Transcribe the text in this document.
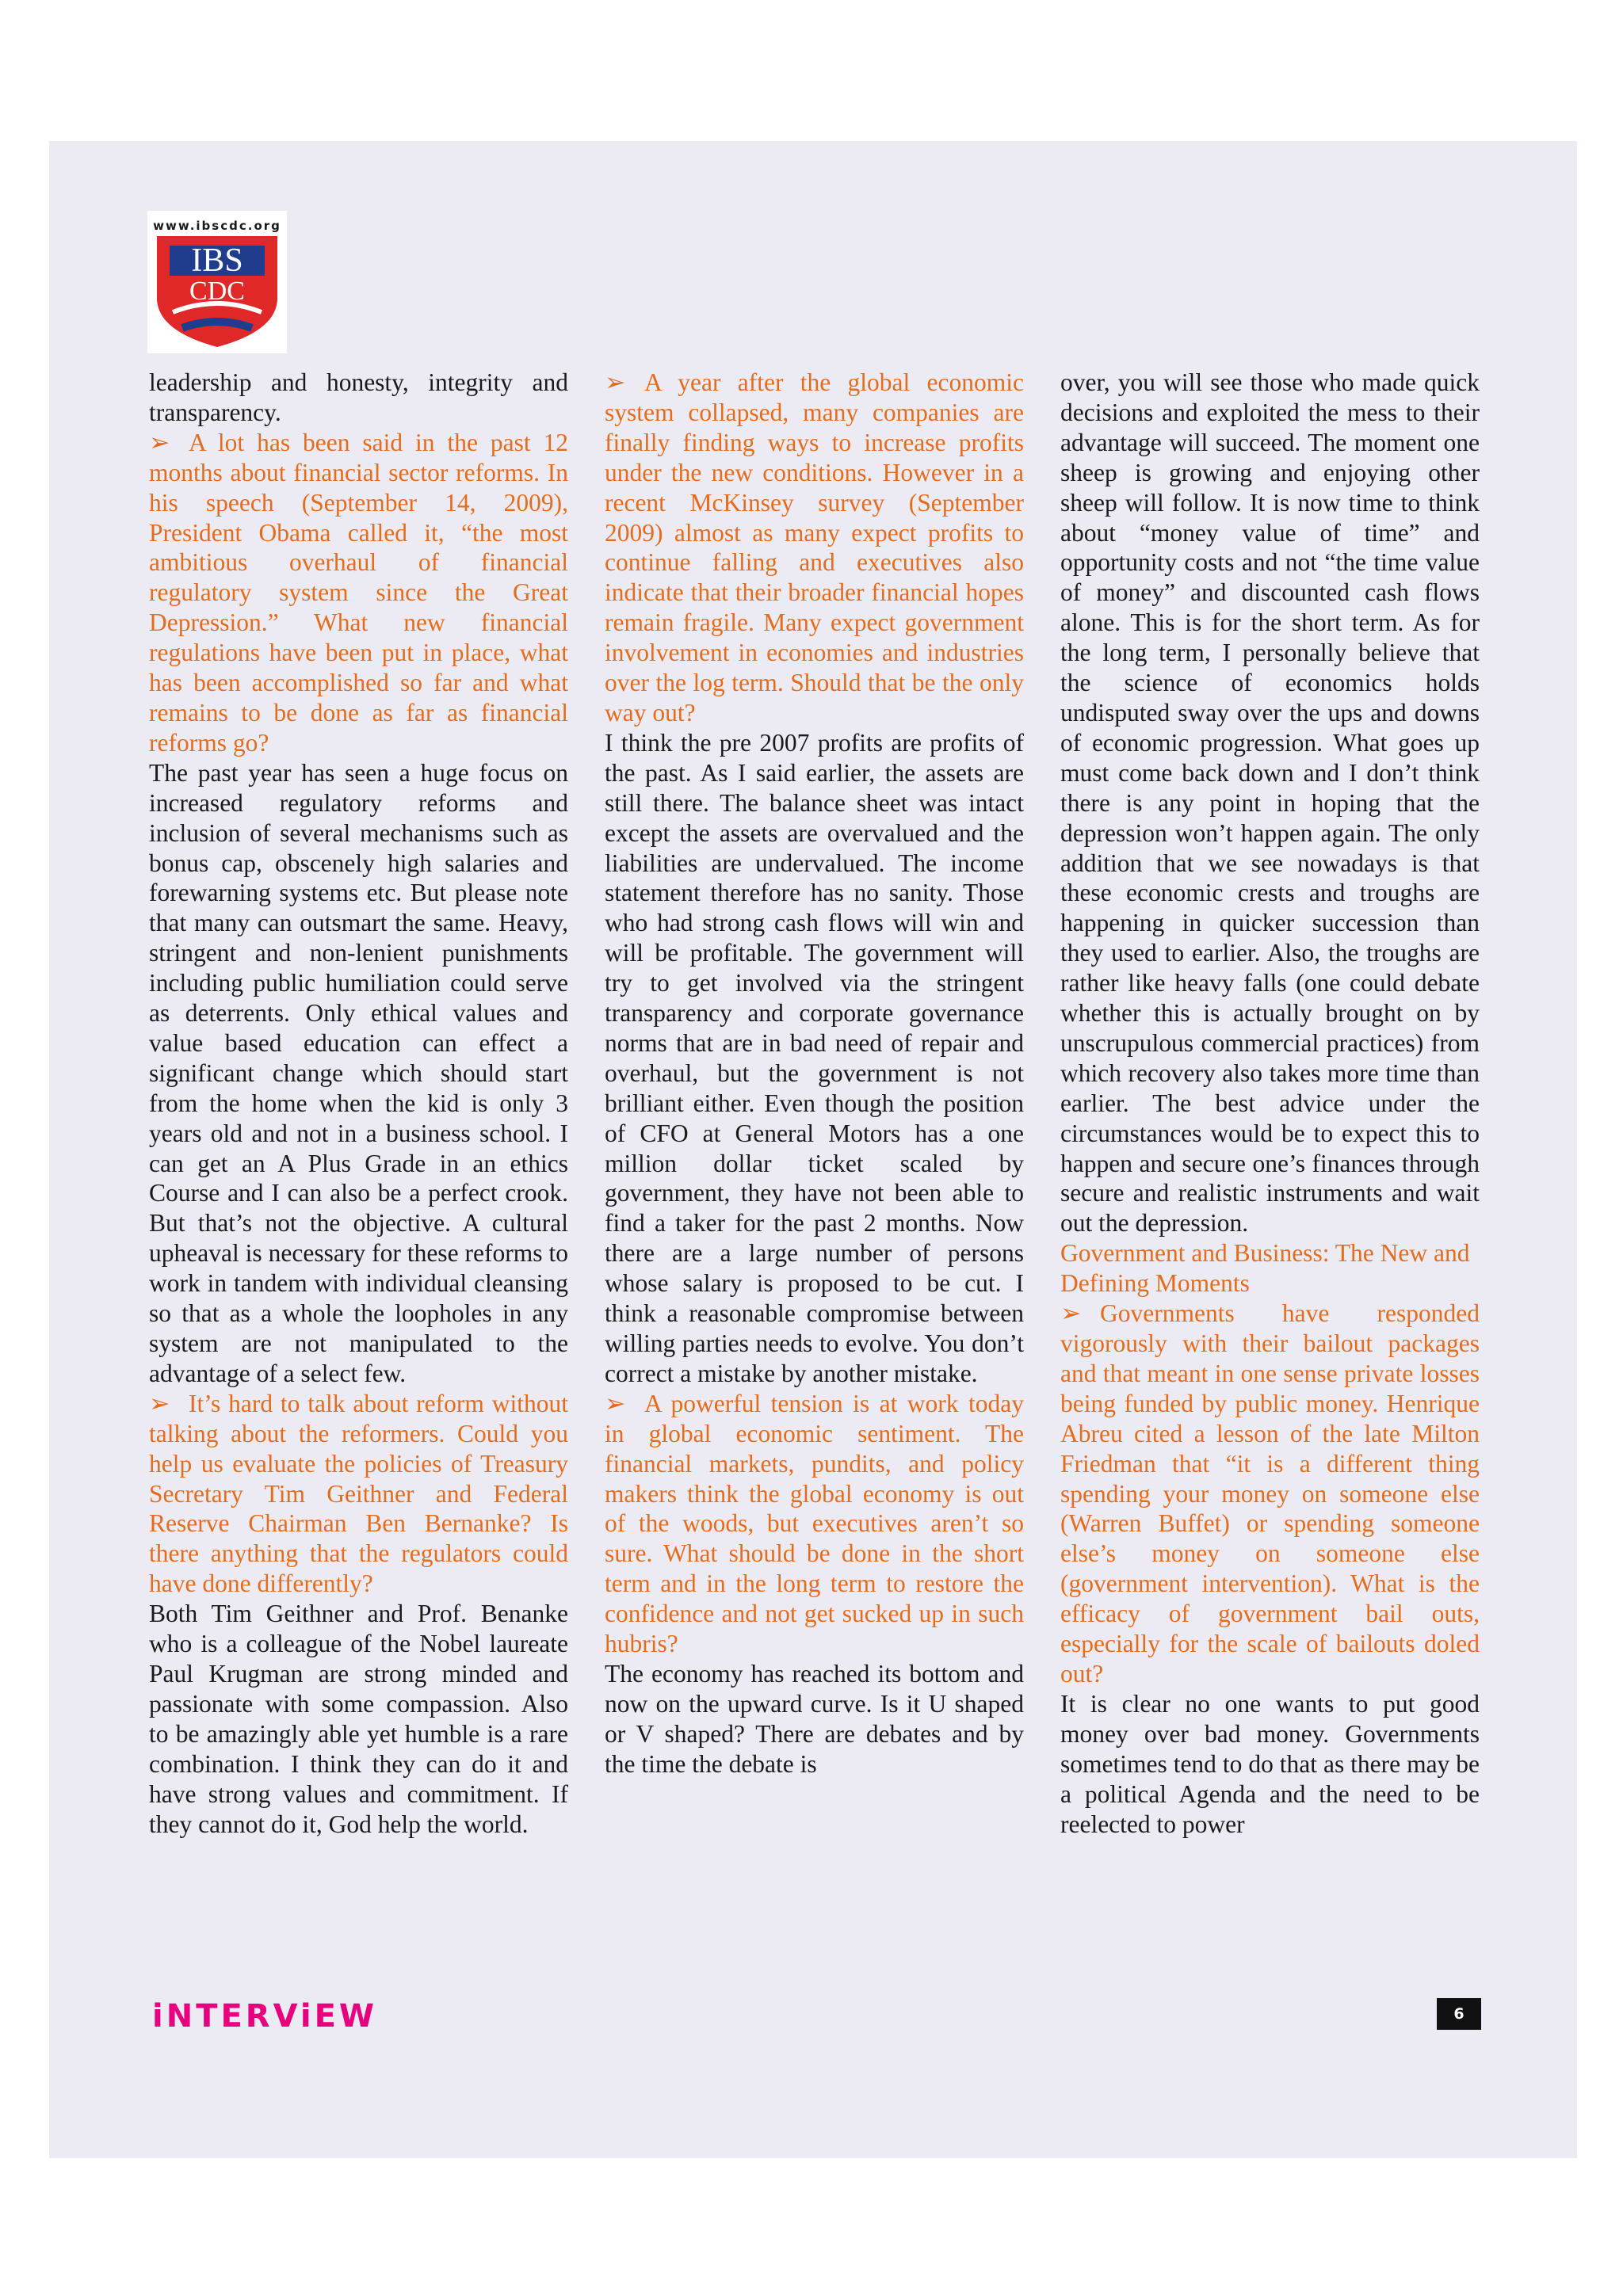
www.ibscdc.org
IBS
CDC

leadership and honesty, integrity and transparency.

➢ A lot has been said in the past 12 months about financial sector reforms. In his speech (September 14, 2009), President Obama called it, “the most ambitious overhaul of financial regulatory system since the Great Depression.” What new financial regulations have been put in place, what has been accomplished so far and what remains to be done as far as financial reforms go?

The past year has seen a huge focus on increased regulatory reforms and inclusion of several mechanisms such as bonus cap, obscenely high salaries and forewarning systems etc. But please note that many can outsmart the same. Heavy, stringent and non-lenient punishments including public humiliation could serve as deterrents. Only ethical values and value based education can effect a significant change which should start from the home when the kid is only 3 years old and not in a business school. I can get an A Plus Grade in an ethics Course and I can also be a perfect crook. But that’s not the objective. A cultural upheaval is necessary for these reforms to work in tandem with individual cleansing so that as a whole the loopholes in any system are not manipulated to the advantage of a select few.

➢ It’s hard to talk about reform without talking about the reformers. Could you help us evaluate the policies of Treasury Secretary Tim Geithner and Federal Reserve Chairman Ben Bernanke? Is there anything that the regulators could have done differently?

Both Tim Geithner and Prof. Benanke who is a colleague of the Nobel laureate Paul Krugman are strong minded and passionate with some compassion. Also to be amazingly able yet humble is a rare combination. I think they can do it and have strong values and commitment. If they cannot do it, God help the world.

➢ A year after the global economic system collapsed, many companies are finally finding ways to increase profits under the new conditions. However in a recent McKinsey survey (September 2009) almost as many expect profits to continue falling and executives also indicate that their broader financial hopes remain fragile. Many expect government involvement in economies and industries over the log term. Should that be the only way out?

I think the pre 2007 profits are profits of the past. As I said earlier, the assets are still there. The balance sheet was intact except the assets are overvalued and the liabilities are undervalued. The income statement therefore has no sanity. Those who had strong cash flows will win and will be profitable. The government will try to get involved via the stringent transparency and corporate governance norms that are in bad need of repair and overhaul, but the government is not brilliant either. Even though the position of CFO at General Motors has a one million dollar ticket scaled by government, they have not been able to find a taker for the past 2 months. Now there are a large number of persons whose salary is proposed to be cut. I think a reasonable compromise between willing parties needs to evolve. You don’t correct a mistake by another mistake.

➢ A powerful tension is at work today in global economic sentiment. The financial markets, pundits, and policy makers think the global economy is out of the woods, but executives aren’t so sure. What should be done in the short term and in the long term to restore the confidence and not get sucked up in such hubris?

The economy has reached its bottom and now on the upward curve. Is it U shaped or V shaped? There are debates and by the time the debate is

over, you will see those who made quick decisions and exploited the mess to their advantage will succeed. The moment one sheep is growing and enjoying other sheep will follow. It is now time to think about “money value of time” and opportunity costs and not “the time value of money” and discounted cash flows alone. This is for the short term. As for the long term, I personally believe that the science of economics holds undisputed sway over the ups and downs of economic progression. What goes up must come back down and I don’t think there is any point in hoping that the depression won’t happen again. The only addition that we see nowadays is that these economic crests and troughs are happening in quicker succession than they used to earlier. Also, the troughs are rather like heavy falls (one could debate whether this is actually brought on by unscrupulous commercial practices) from which recovery also takes more time than earlier. The best advice under the circumstances would be to expect this to happen and secure one’s finances through secure and realistic instruments and wait out the depression.

Government and Business: The New and Defining Moments

➢ Governments have responded vigorously with their bailout packages and that meant in one sense private losses being funded by public money. Henrique Abreu cited a lesson of the late Milton Friedman that “it is a different thing spending your money on someone else (Warren Buffet) or spending someone else’s money on someone else (government intervention). What is the efficacy of government bail outs, especially for the scale of bailouts doled out?

It is clear no one wants to put good money over bad money. Governments sometimes tend to do that as there may be a political Agenda and the need to be reelected to power

iNTERViEW	6
